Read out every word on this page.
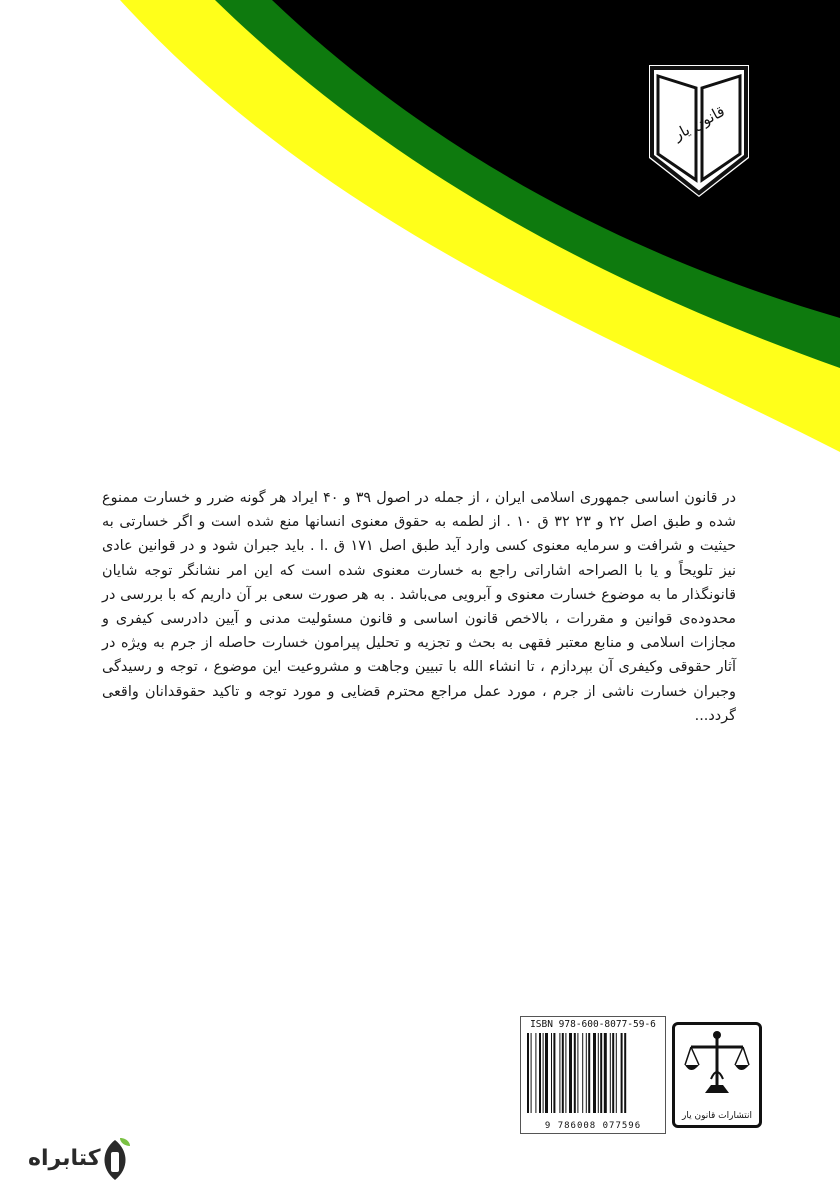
قانون یار

در قانون اساسی جمهوری اسلامی ایران ، از جمله در اصول ۳۹ و ۴۰ ایراد هر گونه ضرر و خسارت ممنوع شده و طبق اصل ۲۲ و ۲۳ ۳۲ ق ۱۰ . از لطمه به حقوق معنوی انسانها منع شده است و اگر خسارتی به حیثیت و شرافت و سرمایه معنوی کسی وارد آید طبق اصل ۱۷۱ ق .ا . باید جبران شود و در قوانین عادی نیز تلویحاً و یا با الصراحه اشاراتی راجع به خسارت معنوی شده است که این امر نشانگر توجه شایان قانونگذار ما به موضوع خسارت معنوی و آبرویی می‌باشد . به هر صورت سعی بر آن داریم که با بررسی در محدوده‌ی قوانین و مقررات ، بالاخص قانون اساسی و قانون مسئولیت مدنی و آیین دادرسی کیفری و مجازات اسلامی و منابع معتبر فقهی به بحث و تجزیه و تحلیل پیرامون خسارت حاصله از جرم به ویژه در آثار حقوقی وکیفری آن بپردازم ، تا انشاء الله با تبیین وجاهت و مشروعیت این موضوع ، توجه و رسیدگی وجبران خسارت ناشی از جرم ، مورد عمل مراجع محترم قضایی و مورد توجه و تاکید حقوقدانان واقعی گردد...

ISBN 978-600-8077-59-6
9 786008 077596
انتشارات قانون یار
کتابراه
